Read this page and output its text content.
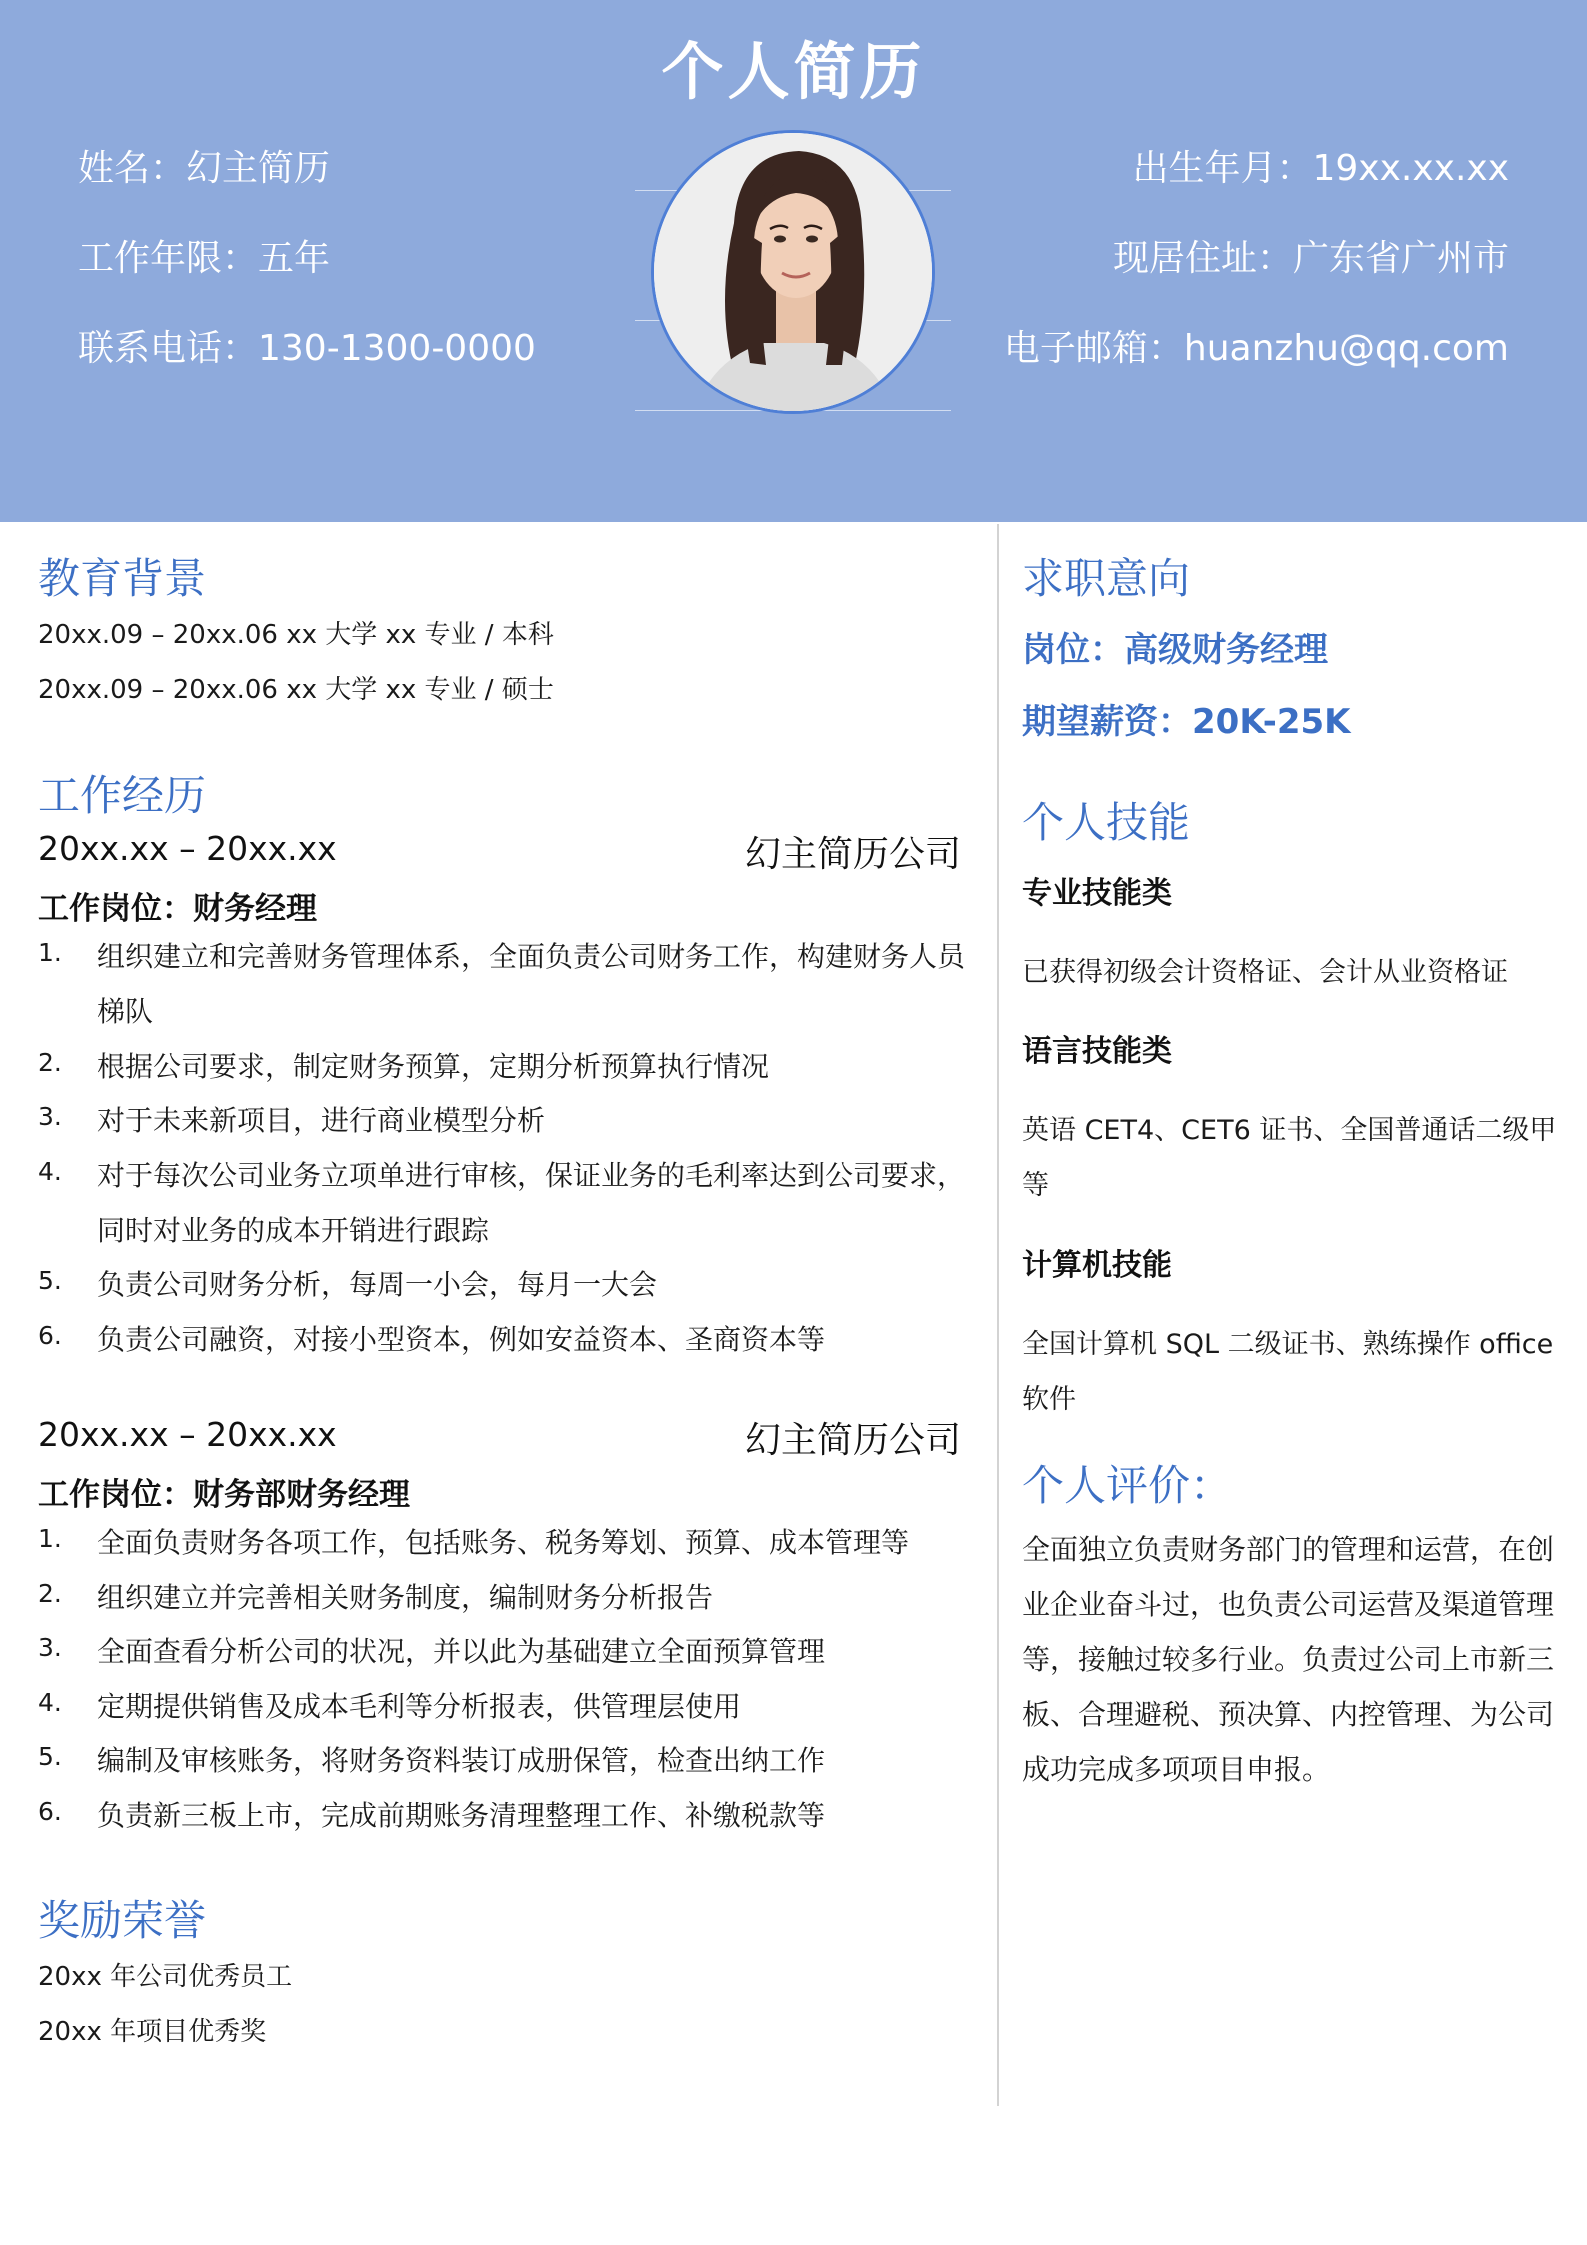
个人简历
姓名：幻主简历
工作年限：五年
联系电话：130-1300-0000
出生年月：19xx.xx.xx
现居住址：广东省广州市
电子邮箱：huanzhu@qq.com
教育背景
20xx.09 – 20xx.06 xx 大学 xx 专业 / 本科
20xx.09 – 20xx.06 xx 大学 xx 专业 / 硕士
工作经历
20xx.xx – 20xx.xx	幻主简历公司
工作岗位：财务经理
1. 组织建立和完善财务管理体系，全面负责公司财务工作，构建财务人员
梯队
2. 根据公司要求，制定财务预算，定期分析预算执行情况
3. 对于未来新项目，进行商业模型分析
4. 对于每次公司业务立项单进行审核，保证业务的毛利率达到公司要求，
同时对业务的成本开销进行跟踪
5. 负责公司财务分析，每周一小会，每月一大会
6. 负责公司融资，对接小型资本，例如安益资本、圣商资本等
20xx.xx – 20xx.xx	幻主简历公司
工作岗位：财务部财务经理
1. 全面负责财务各项工作，包括账务、税务筹划、预算、成本管理等
2. 组织建立并完善相关财务制度，编制财务分析报告
3. 全面查看分析公司的状况，并以此为基础建立全面预算管理
4. 定期提供销售及成本毛利等分析报表，供管理层使用
5. 编制及审核账务，将财务资料装订成册保管，检查出纳工作
6. 负责新三板上市，完成前期账务清理整理工作、补缴税款等
奖励荣誉
20xx 年公司优秀员工
20xx 年项目优秀奖
求职意向
岗位：高级财务经理
期望薪资：20K-25K
个人技能
专业技能类
已获得初级会计资格证、会计从业资格证
语言技能类
英语 CET4、CET6 证书、全国普通话二级甲
等
计算机技能
全国计算机 SQL 二级证书、熟练操作 office
软件
个人评价：
全面独立负责财务部门的管理和运营，在创
业企业奋斗过，也负责公司运营及渠道管理
等，接触过较多行业。负责过公司上市新三
板、合理避税、预决算、内控管理、为公司
成功完成多项项目申报。
